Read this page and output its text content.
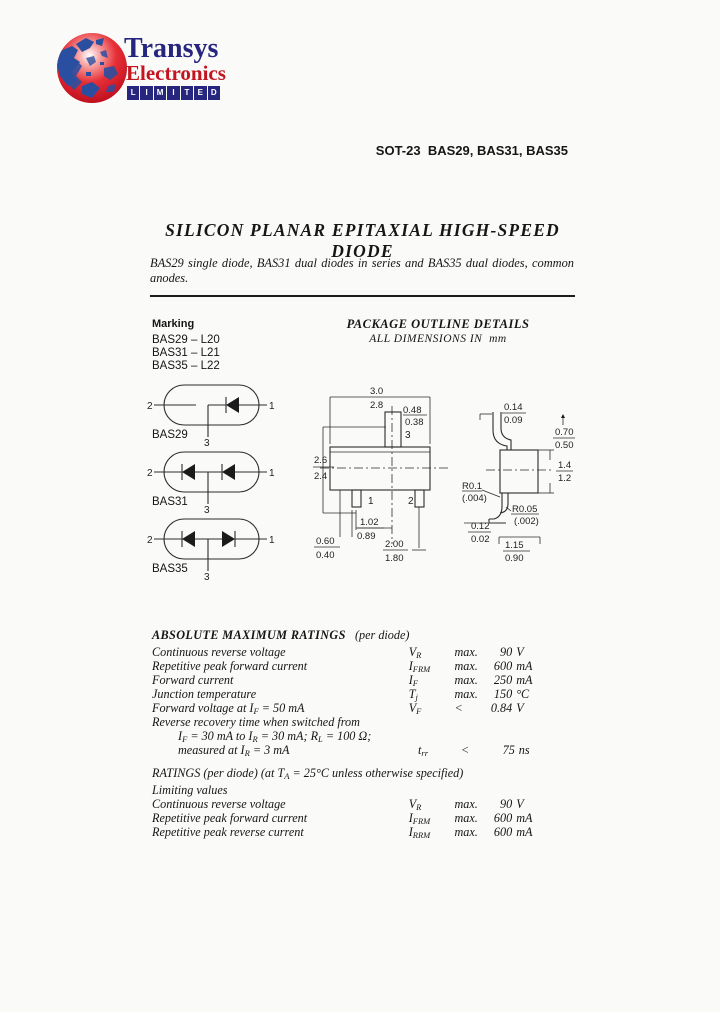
Transys
Electronics
L	I	M	I	T	E D
SOT-23  BAS29, BAS31, BAS35
SILICON PLANAR EPITAXIAL HIGH-SPEED DIODE
BAS29 single diode, BAS31 dual diodes in series and BAS35 dual diodes, common anodes.
Marking
BAS29 – L20
BAS31 – L21
BAS35 – L22
PACKAGE OUTLINE DETAILS
ALL DIMENSIONS IN  mm
2	1
3
BAS29
2	1
3
BAS31
2	1
3
BAS35
3.0
2.8
3
0.48
0.38
1	2
2.6
2.4
1.02
0.89
2.00
1.80
0.60
0.40
0.14
0.09
0.70
0.50
1.4
1.2
R0.1
(.004)
R0.05
(.002)
0.12
0.02
1.15
0.90
ABSOLUTE MAXIMUM RATINGS (per diode)
Continuous reverse voltage	$V_R$	max.	90 V
Repetitive peak forward current	$I_{FRM}$	max.	600 mA
Forward current	$I_F$	max.	250 mA
Junction temperature	$T_j$	max.	150 °C
Forward voltage at $I_F = 50$ mA	$V_F$	<	0.84 V
Reverse recovery time when switched from
$I_F = 30$ mA to $I_R = 30$ mA; $R_L = 100$ Ω;
measured at $I_R = 3$ mA	$t_{rr}$	<	75 ns
RATINGS (per diode) (at $T_A = 25^\circ C$ unless otherwise specified)
Limiting values
Continuous reverse voltage	$V_R$	max.	90 V
Repetitive peak forward current	$I_{FRM}$	max.	600 mA
Repetitive peak reverse current	$I_{RRM}$	max.	600 mA
